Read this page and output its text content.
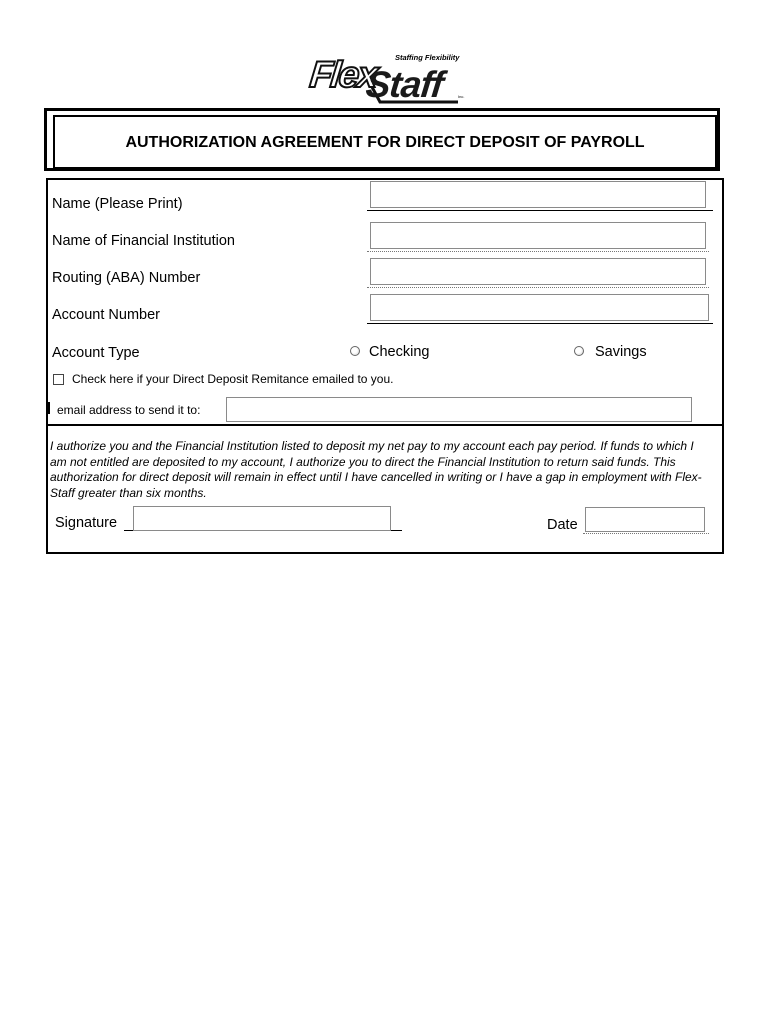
Staffing Flexibility
Flex
Staff	Inc.
AUTHORIZATION AGREEMENT FOR DIRECT DEPOSIT OF PAYROLL
Name (Please Print)
Name of Financial Institution
Routing (ABA) Number
Account Number
Account Type	Checking	Savings
Check here if your Direct Deposit Remitance emailed to you.
email address to send it to:
I authorize you and the Financial Institution listed to deposit my net pay to my account each pay period. If funds to which I am not entitled are deposited to my account, I authorize you to direct the Financial Institution to return said funds. This authorization for direct deposit will remain in effect until I have cancelled in writing or I have a gap in employment with Flex-Staff greater than six months.
Signature	Date
